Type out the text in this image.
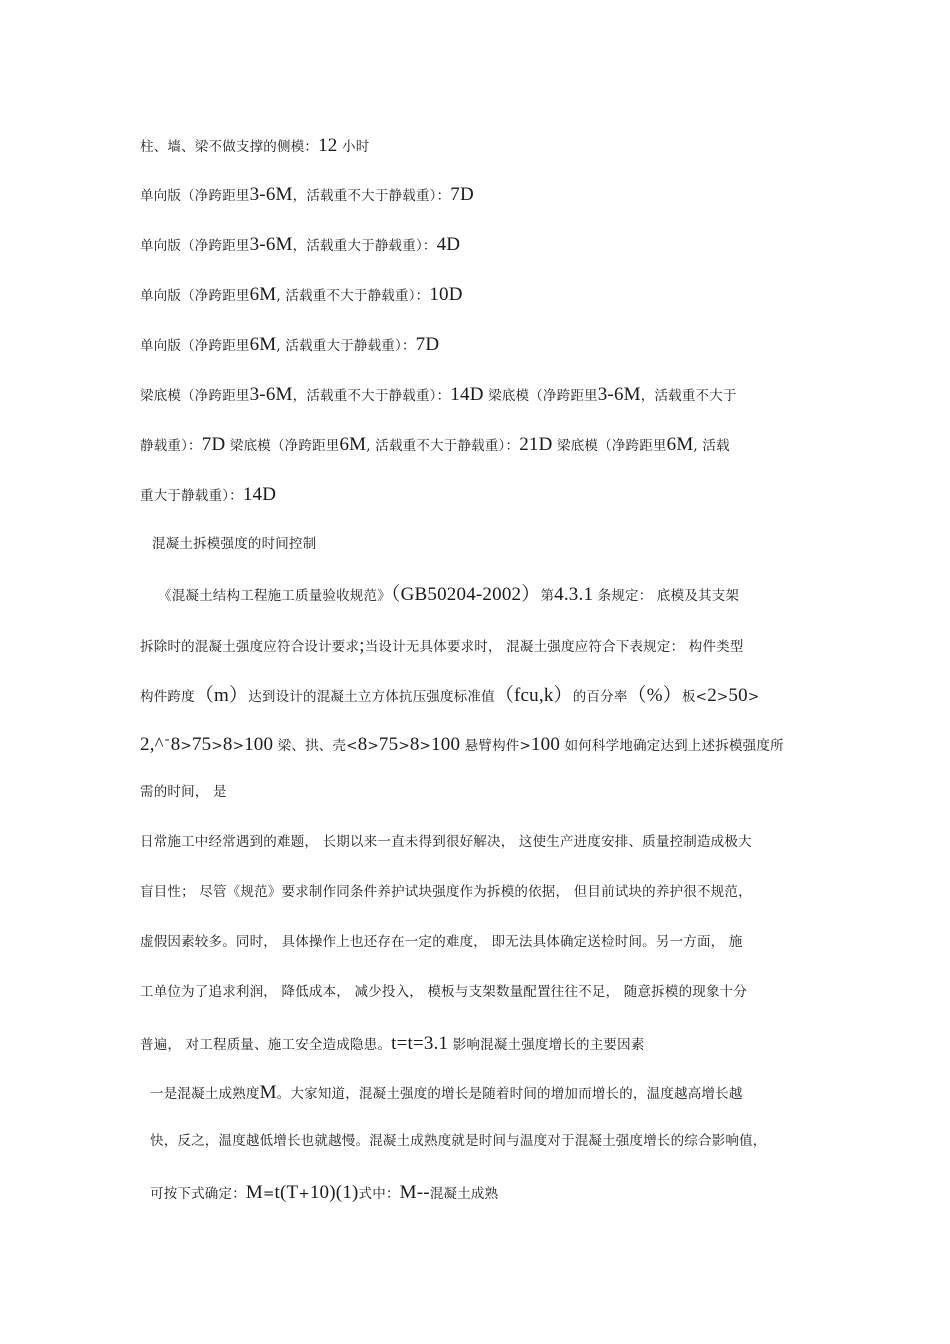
柱、墙、梁不做支撑的侧模：12 小时
单向版（净跨距里3-6M，活载重不大于静载重）：7D
单向版（净跨距里3-6M，活载重大于静载重）：4D
单向版（净跨距里6M, 活载重不大于静载重）：10D
单向版（净跨距里6M, 活载重大于静载重）：7D
梁底模（净跨距里3-6M，活载重不大于静载重）：14D 梁底模（净跨距里3-6M，活载重不大于
静载重）：7D 梁底模（净跨距里6M, 活载重不大于静载重）：21D 梁底模（净跨距里6M, 活载
重大于静载重）：14D
混凝土拆模强度的时间控制
《混凝土结构工程施工质量验收规范》（GB50204-2002）第4.3.1 条规定： 底模及其支架
拆除时的混凝土强度应符合设计要求;当设计无具体要求时， 混凝土强度应符合下表规定： 构件类型
构件跨度（m）达到设计的混凝土立方体抗压强度标准值（fcu,k）的百分率（%）板<2>50>
2,^ˉ8>75>8>100 梁、拱、壳<8>75>8>100 悬臂构件>100 如何科学地确定达到上述拆模强度所
需的时间， 是
日常施工中经常遇到的难题， 长期以来一直未得到很好解决， 这使生产进度安排、质量控制造成极大
盲目性； 尽管《规范》要求制作同条件养护试块强度作为拆模的依据， 但目前试块的养护很不规范，
虚假因素较多。同时， 具体操作上也还存在一定的难度， 即无法具体确定送检时间。另一方面， 施
工单位为了追求利润， 降低成本， 减少投入， 模板与支架数量配置往往不足， 随意拆模的现象十分
普遍， 对工程质量、施工安全造成隐患。t=t=3.1 影响混凝土强度增长的主要因素
一是混凝土成熟度M。大家知道，混凝土强度的增长是随着时间的增加而增长的，温度越高增长越
快，反之，温度越低增长也就越慢。混凝土成熟度就是时间与温度对于混凝土强度增长的综合影响值，
可按下式确定：M=t(T+10)(1)式中：M--混凝土成熟
